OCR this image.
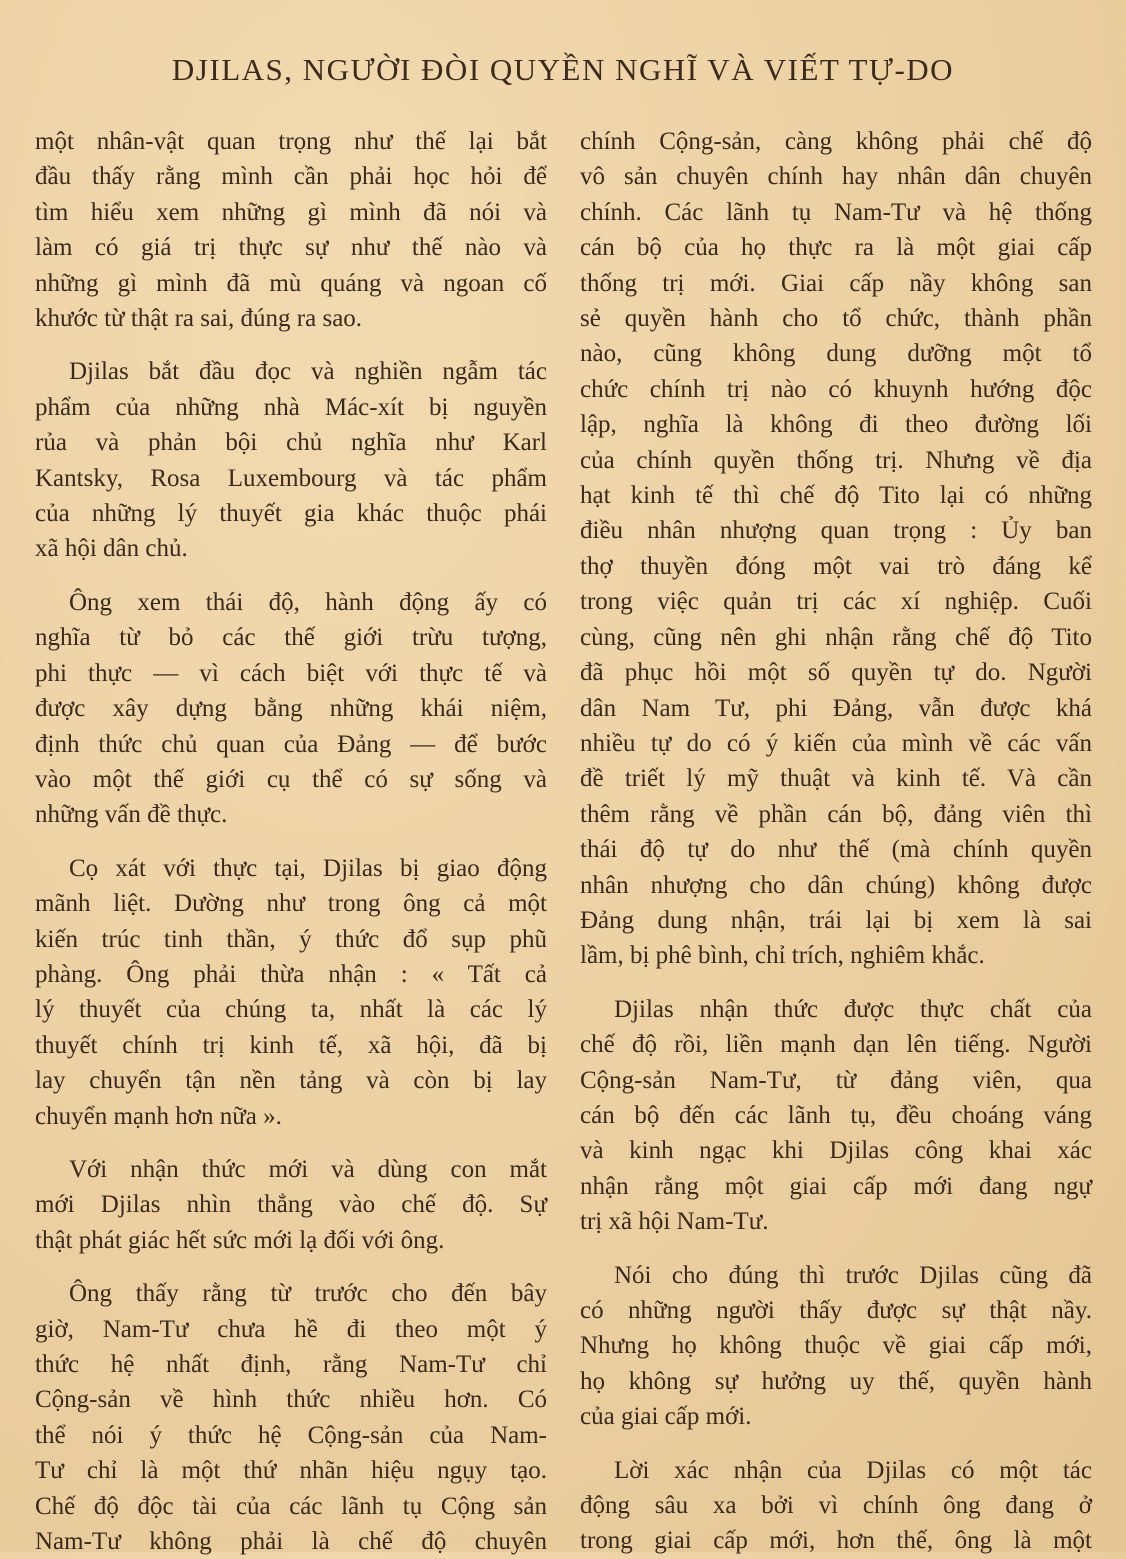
DJILAS, NGƯỜI ĐÒI QUYỀN NGHĨ VÀ VIẾT TỰ-DO
một nhân-vật quan trọng như thế lại bắt
đầu thấy rằng mình cần phải học hỏi để
tìm hiểu xem những gì mình đã nói và
làm có giá trị thực sự như thế nào và
những gì mình đã mù quáng và ngoan cố
khước từ thật ra sai, đúng ra sao.
Djilas bắt đầu đọc và nghiền ngẫm tác
phẩm của những nhà Mác-xít bị nguyền
rủa và phản bội chủ nghĩa như Karl
Kantsky, Rosa Luxembourg và tác phẩm
của những lý thuyết gia khác thuộc phái
xã hội dân chủ.
Ông xem thái độ, hành động ấy có
nghĩa từ bỏ các thế giới trừu tượng,
phi thực — vì cách biệt với thực tế và
được xây dựng bằng những khái niệm,
định thức chủ quan của Đảng — để bước
vào một thế giới cụ thể có sự sống và
những vấn đề thực.
Cọ xát với thực tại, Djilas bị giao động
mãnh liệt. Dường như trong ông cả một
kiến trúc tinh thần, ý thức đổ sụp phũ
phàng. Ông phải thừa nhận : « Tất cả
lý thuyết của chúng ta, nhất là các lý
thuyết chính trị kinh tế, xã hội, đã bị
lay chuyển tận nền tảng và còn bị lay
chuyển mạnh hơn nữa ».
Với nhận thức mới và dùng con mắt
mới Djilas nhìn thẳng vào chế độ. Sự
thật phát giác hết sức mới lạ đối với ông.
Ông thấy rằng từ trước cho đến bây
giờ, Nam-Tư chưa hề đi theo một ý
thức hệ nhất định, rằng Nam-Tư chỉ
Cộng-sản về hình thức nhiều hơn. Có
thể nói ý thức hệ Cộng-sản của Nam-
Tư chỉ là một thứ nhãn hiệu ngụy tạo.
Chế độ độc tài của các lãnh tụ Cộng sản
Nam-Tư không phải là chế độ chuyên
chính Cộng-sản, càng không phải chế độ
vô sản chuyên chính hay nhân dân chuyên
chính. Các lãnh tụ Nam-Tư và hệ thống
cán bộ của họ thực ra là một giai cấp
thống trị mới. Giai cấp nầy không san
sẻ quyền hành cho tổ chức, thành phần
nào, cũng không dung dưỡng một tổ
chức chính trị nào có khuynh hướng độc
lập, nghĩa là không đi theo đường lối
của chính quyền thống trị. Nhưng về địa
hạt kinh tế thì chế độ Tito lại có những
điều nhân nhượng quan trọng : Ủy ban
thợ thuyền đóng một vai trò đáng kể
trong việc quản trị các xí nghiệp. Cuối
cùng, cũng nên ghi nhận rằng chế độ Tito
đã phục hồi một số quyền tự do. Người
dân Nam Tư, phi Đảng, vẫn được khá
nhiều tự do có ý kiến của mình về các vấn
đề triết lý mỹ thuật và kinh tế. Và cần
thêm rằng về phần cán bộ, đảng viên thì
thái độ tự do như thế (mà chính quyền
nhân nhượng cho dân chúng) không được
Đảng dung nhận, trái lại bị xem là sai
lầm, bị phê bình, chỉ trích, nghiêm khắc.
Djilas nhận thức được thực chất của
chế độ rồi, liền mạnh dạn lên tiếng. Người
Cộng-sản Nam-Tư, từ đảng viên, qua
cán bộ đến các lãnh tụ, đều choáng váng
và kinh ngạc khi Djilas công khai xác
nhận rằng một giai cấp mới đang ngự
trị xã hội Nam-Tư.
Nói cho đúng thì trước Djilas cũng đã
có những người thấy được sự thật nầy.
Nhưng họ không thuộc về giai cấp mới,
họ không sự hưởng uy thế, quyền hành
của giai cấp mới.
Lời xác nhận của Djilas có một tác
động sâu xa bởi vì chính ông đang ở
trong giai cấp mới, hơn thế, ông là một
